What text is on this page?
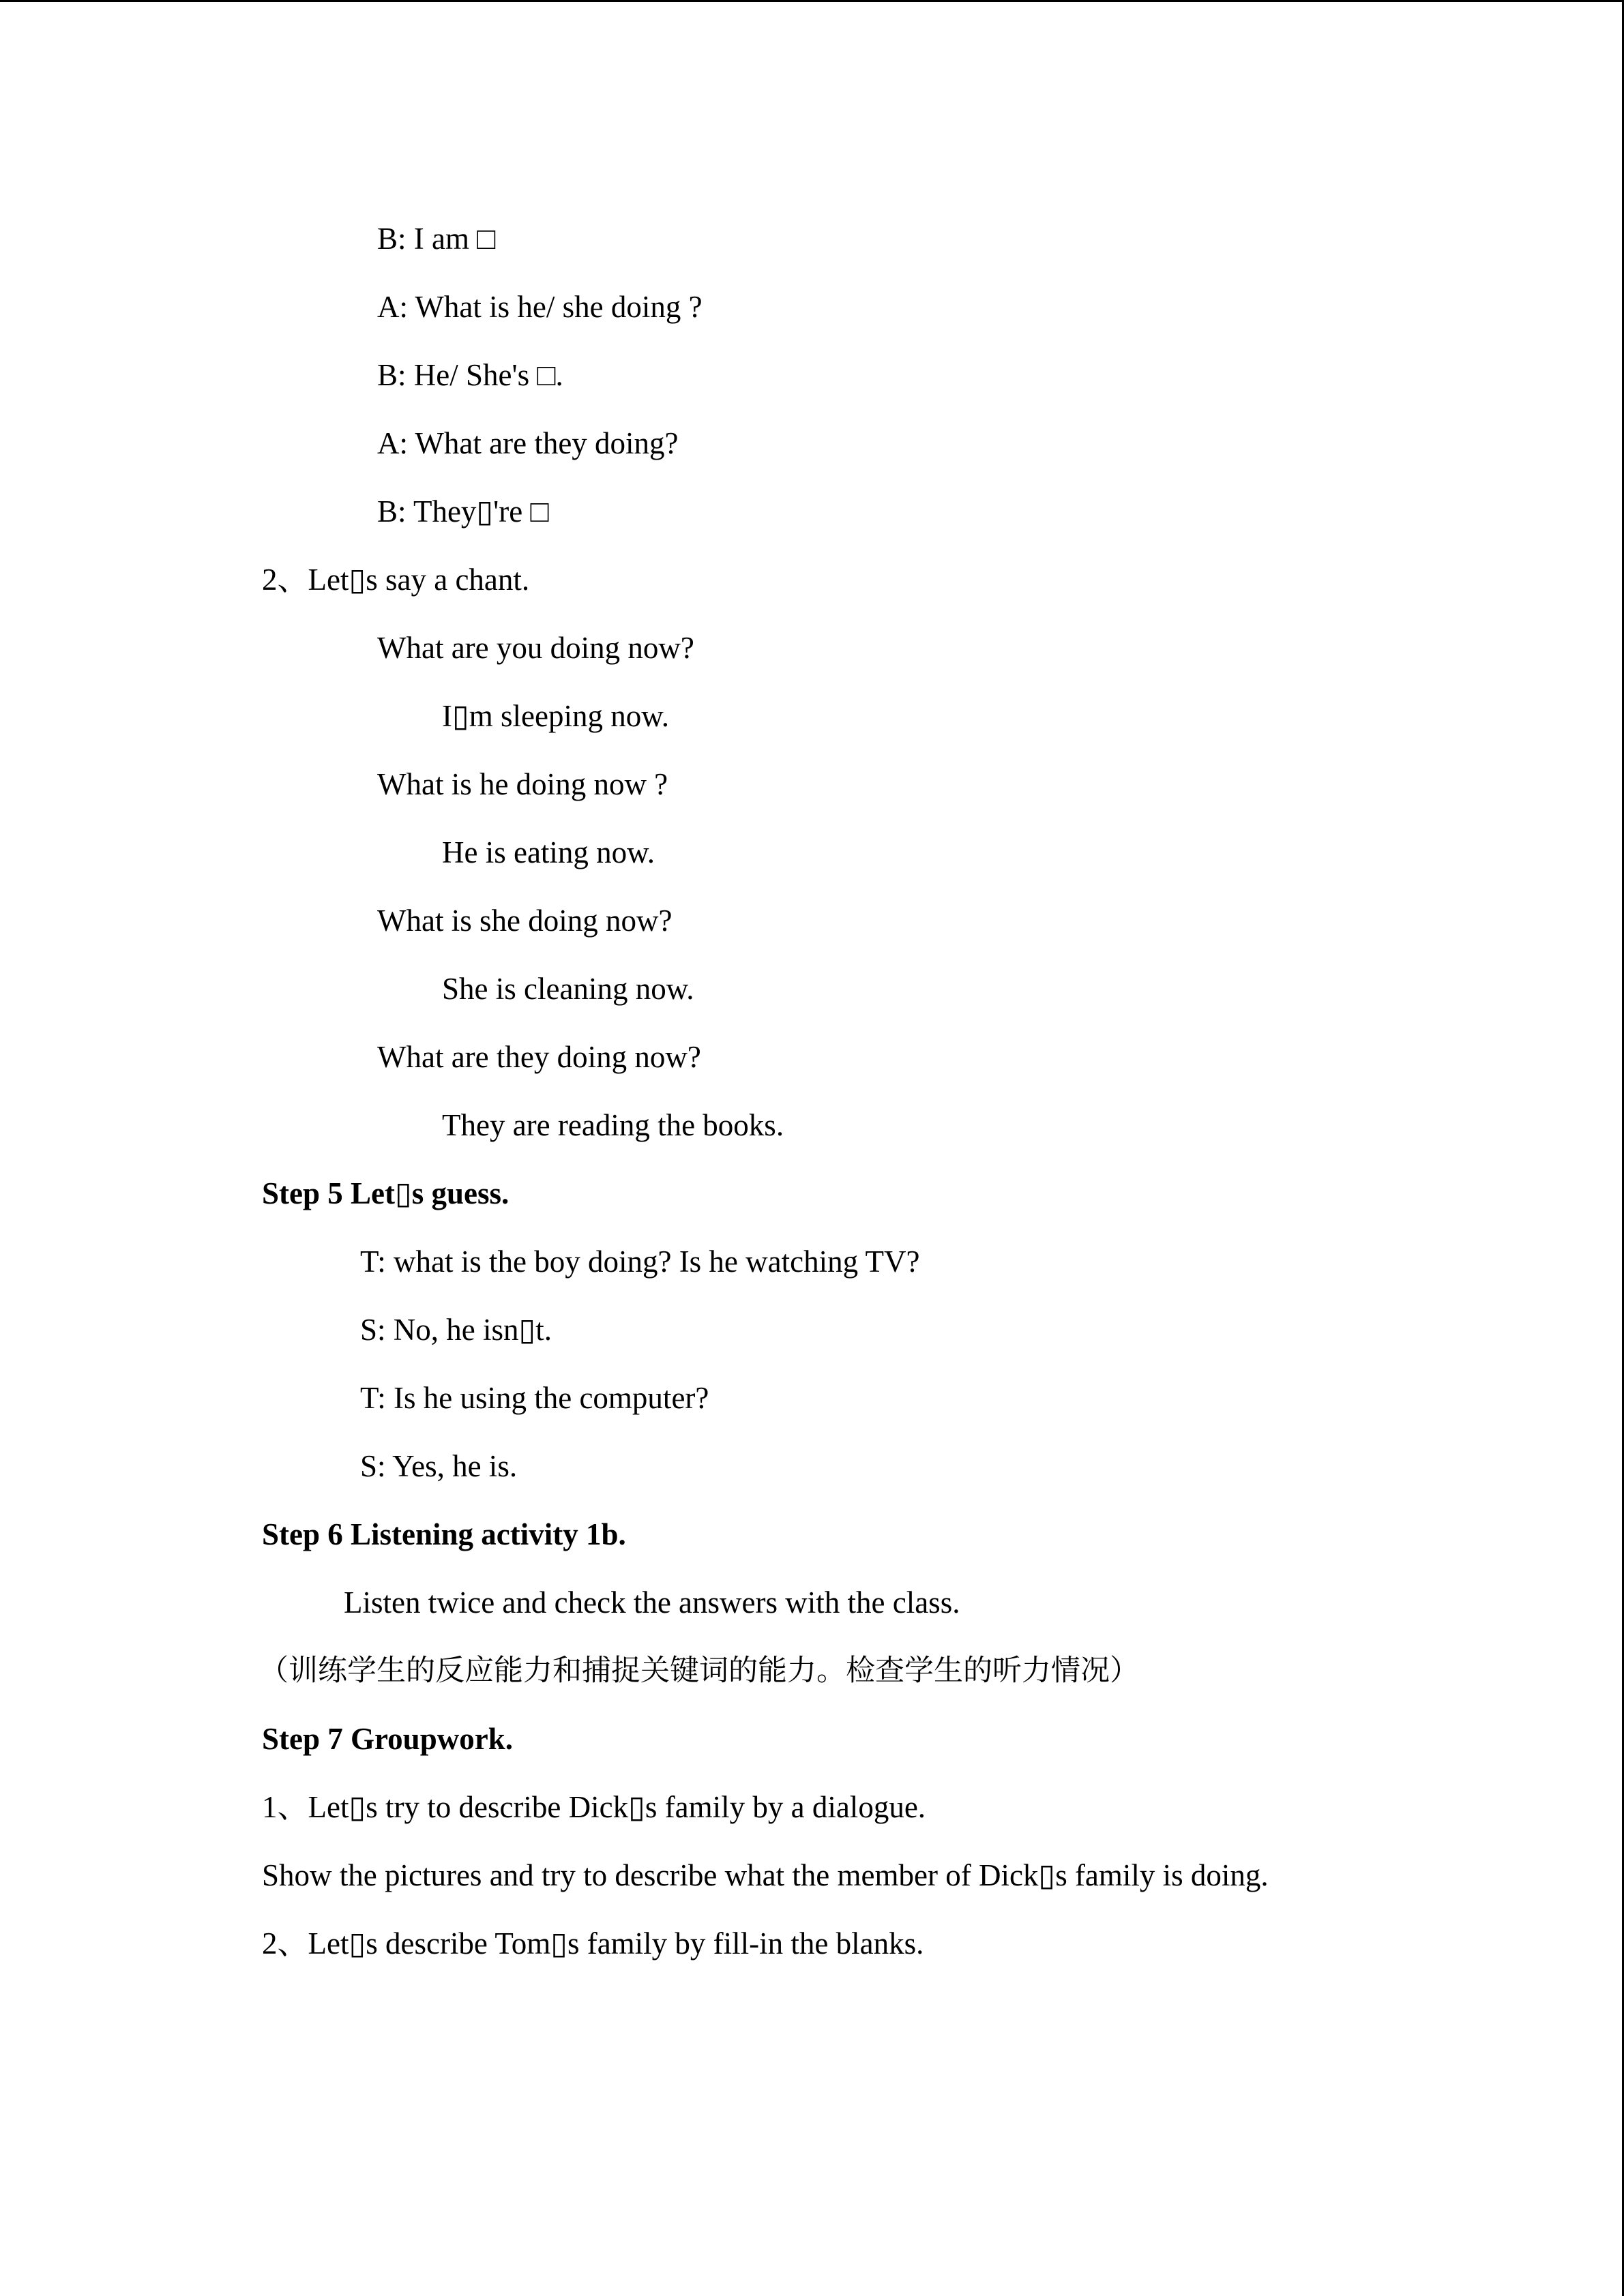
B: I am □
A: What is he/ she doing ?
B: He/ She's □.
A: What are they doing?
B: They▯'re □
2、Let▯s say a chant.
What are you doing now?
I▯m sleeping now.
What is he doing now ?
He is eating now.
What is she doing now?
She is cleaning now.
What are they doing now?
They are reading the books.
Step 5 Let▯s guess.
T: what is the boy doing? Is he watching TV?
S: No, he isn▯t.
T: Is he using the computer?
S: Yes, he is.
Step 6 Listening activity 1b.
Listen twice and check the answers with the class.
（训练学生的反应能力和捕捉关键词的能力。检查学生的听力情况）
Step 7 Groupwork.
1、Let▯s try to describe Dick▯s family by a dialogue.
Show the pictures and try to describe what the member of Dick▯s family is doing.
2、Let▯s describe Tom▯s family by fill-in the blanks.
